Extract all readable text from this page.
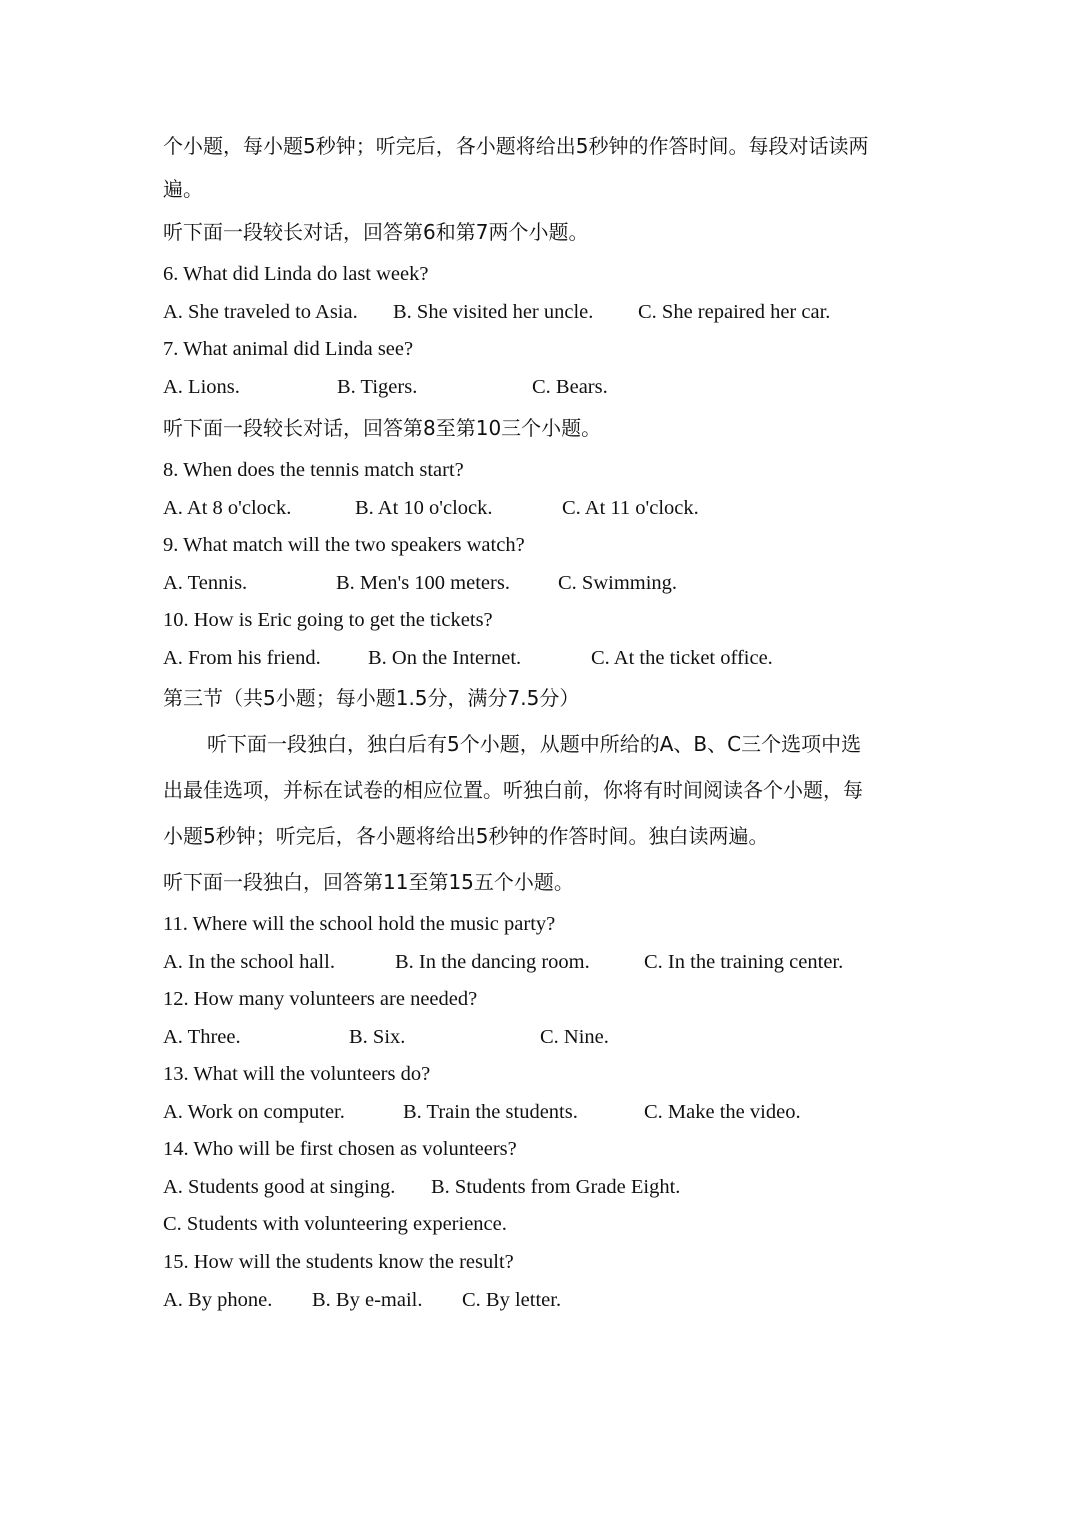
个小题，每小题5秒钟；听完后，各小题将给出5秒钟的作答时间。每段对话读两
遍。
听下面一段较长对话，回答第6和第7两个小题。
6. What did Linda do last week?
A. She traveled to Asia. B. She visited her uncle. C. She repaired her car.
7. What animal did Linda see?
A. Lions.	B. Tigers.	C. Bears.
听下面一段较长对话，回答第8至第10三个小题。
8. When does the tennis match start?
A. At 8 o'clock.	B. At 10 o'clock.	C. At 11 o'clock.
9. What match will the two speakers watch?
A. Tennis.	B. Men's 100 meters. C. Swimming.
10. How is Eric going to get the tickets?
A. From his friend. B. On the Internet.	C. At the ticket office.
第三节（共5小题；每小题1.5分，满分7.5分）
听下面一段独白，独白后有5个小题，从题中所给的A、B、C三个选项中选
出最佳选项，并标在试卷的相应位置。听独白前，你将有时间阅读各个小题，每
小题5秒钟；听完后，各小题将给出5秒钟的作答时间。独白读两遍。
听下面一段独白，回答第11至第15五个小题。
11. Where will the school hold the music party?
A. In the school hall.	B. In the dancing room.	C. In the training center.
12. How many volunteers are needed?
A. Three.	B. Six.	C. Nine.
13. What will the volunteers do?
A. Work on computer.	B. Train the students.	C. Make the video.
14. Who will be first chosen as volunteers?
A. Students good at singing. B. Students from Grade Eight.
C. Students with volunteering experience.
15. How will the students know the result?
A. By phone. B. By e-mail. C. By letter.
